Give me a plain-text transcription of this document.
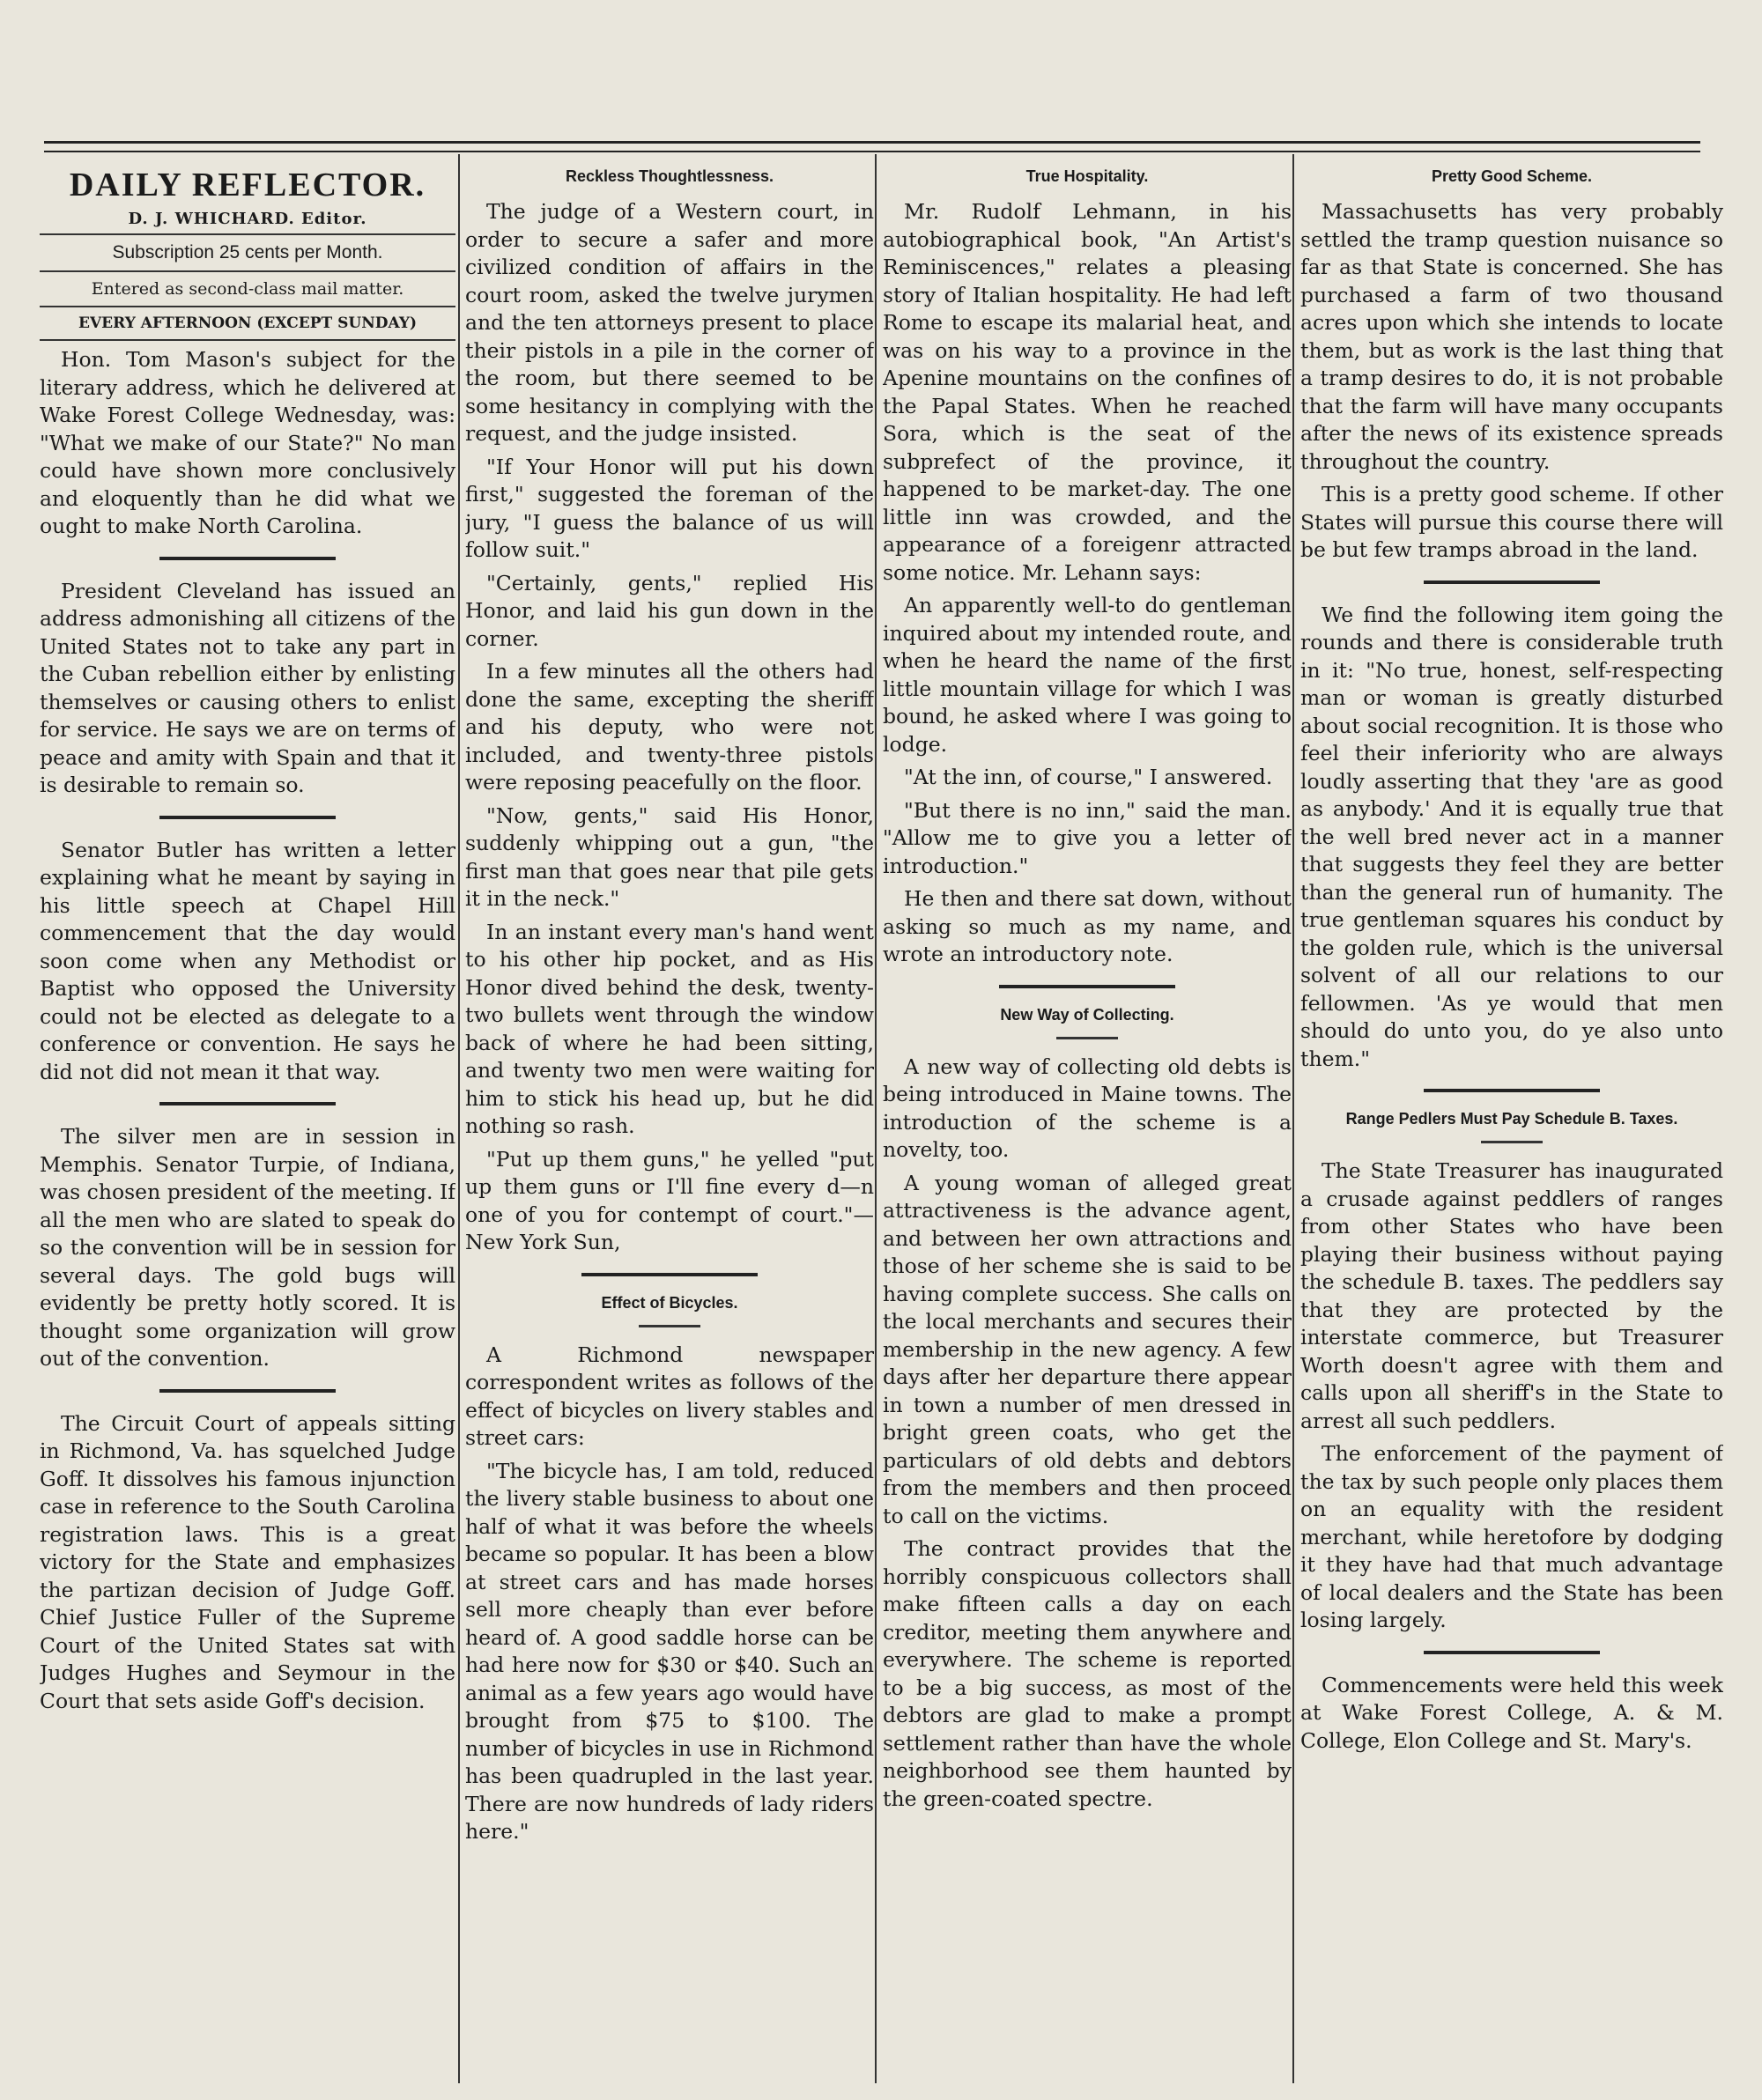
DAILY REFLECTOR.
D. J. WHICHARD. Editor.
Subscription 25 cents per Month.
Entered as second-class mail matter.
EVERY AFTERNOON (EXCEPT SUNDAY)

Hon. Tom Mason's subject for the literary address, which he delivered at Wake Forest College Wednesday, was: "What we make of our State?" No man could have shown more conclusively and eloquently than he did what we ought to make North Carolina.

President Cleveland has issued an address admonishing all citizens of the United States not to take any part in the Cuban rebellion either by enlisting themselves or causing others to enlist for service. He says we are on terms of peace and amity with Spain and that it is desirable to remain so.

Senator Butler has written a letter explaining what he meant by saying in his little speech at Chapel Hill commencement that the day would soon come when any Methodist or Baptist who opposed the University could not be elected as delegate to a conference or convention. He says he did not did not mean it that way.

The silver men are in session in Memphis. Senator Turpie, of Indiana, was chosen president of the meeting. If all the men who are slated to speak do so the convention will be in session for several days. The gold bugs will evidently be pretty hotly scored. It is thought some organization will grow out of the convention.

The Circuit Court of appeals sitting in Richmond, Va. has squelched Judge Goff. It dissolves his famous injunction case in reference to the South Carolina registration laws. This is a great victory for the State and emphasizes the partizan decision of Judge Goff. Chief Justice Fuller of the Supreme Court of the United States sat with Judges Hughes and Seymour in the Court that sets aside Goff's decision.

Reckless Thoughtlessness.

The judge of a Western court, in order to secure a safer and more civilized condition of affairs in the court room, asked the twelve jurymen and the ten attorneys present to place their pistols in a pile in the corner of the room, but there seemed to be some hesitancy in complying with the request, and the judge insisted.

"If Your Honor will put his down first," suggested the foreman of the jury, "I guess the balance of us will follow suit."

"Certainly, gents," replied His Honor, and laid his gun down in the corner.

In a few minutes all the others had done the same, excepting the sheriff and his deputy, who were not included, and twenty-three pistols were reposing peacefully on the floor.

"Now, gents," said His Honor, suddenly whipping out a gun, "the first man that goes near that pile gets it in the neck."

In an instant every man's hand went to his other hip pocket, and as His Honor dived behind the desk, twenty-two bullets went through the window back of where he had been sitting, and twenty two men were waiting for him to stick his head up, but he did nothing so rash.

"Put up them guns," he yelled "put up them guns or I'll fine every d—n one of you for contempt of court."—New York Sun,

Effect of Bicycles.

A Richmond newspaper correspondent writes as follows of the effect of bicycles on livery stables and street cars:

"The bicycle has, I am told, reduced the livery stable business to about one half of what it was before the wheels became so popular. It has been a blow at street cars and has made horses sell more cheaply than ever before heard of. A good saddle horse can be had here now for $30 or $40. Such an animal as a few years ago would have brought from $75 to $100. The number of bicycles in use in Richmond has been quadrupled in the last year. There are now hundreds of lady riders here."

True Hospitality.

Mr. Rudolf Lehmann, in his autobiographical book, "An Artist's Reminiscences," relates a pleasing story of Italian hospitality. He had left Rome to escape its malarial heat, and was on his way to a province in the Apenine mountains on the confines of the Papal States. When he reached Sora, which is the seat of the subprefect of the province, it happened to be market-day. The one little inn was crowded, and the appearance of a foreigenr attracted some notice. Mr. Lehann says:

An apparently well-to do gentleman inquired about my intended route, and when he heard the name of the first little mountain village for which I was bound, he asked where I was going to lodge.

"At the inn, of course," I answered.

"But there is no inn," said the man. "Allow me to give you a letter of introduction."

He then and there sat down, without asking so much as my name, and wrote an introductory note.

New Way of Collecting.

A new way of collecting old debts is being introduced in Maine towns. The introduction of the scheme is a novelty, too.

A young woman of alleged great attractiveness is the advance agent, and between her own attractions and those of her scheme she is said to be having complete success. She calls on the local merchants and secures their membership in the new agency. A few days after her departure there appear in town a number of men dressed in bright green coats, who get the particulars of old debts and debtors from the members and then proceed to call on the victims.

The contract provides that the horribly conspicuous collectors shall make fifteen calls a day on each creditor, meeting them anywhere and everywhere. The scheme is reported to be a big success, as most of the debtors are glad to make a prompt settlement rather than have the whole neighborhood see them haunted by the green-coated spectre.

Pretty Good Scheme.

Massachusetts has very probably settled the tramp question nuisance so far as that State is concerned. She has purchased a farm of two thousand acres upon which she intends to locate them, but as work is the last thing that a tramp desires to do, it is not probable that the farm will have many occupants after the news of its existence spreads throughout the country.

This is a pretty good scheme. If other States will pursue this course there will be but few tramps abroad in the land.

We find the following item going the rounds and there is considerable truth in it: "No true, honest, self-respecting man or woman is greatly disturbed about social recognition. It is those who feel their inferiority who are always loudly asserting that they 'are as good as anybody.' And it is equally true that the well bred never act in a manner that suggests they feel they are better than the general run of humanity. The true gentleman squares his conduct by the golden rule, which is the universal solvent of all our relations to our fellowmen. 'As ye would that men should do unto you, do ye also unto them."

Range Pedlers Must Pay Schedule B. Taxes.

The State Treasurer has inaugurated a crusade against peddlers of ranges from other States who have been playing their business without paying the schedule B. taxes. The peddlers say that they are protected by the interstate commerce, but Treasurer Worth doesn't agree with them and calls upon all sheriff's in the State to arrest all such peddlers.

The enforcement of the payment of the tax by such people only places them on an equality with the resident merchant, while heretofore by dodging it they have had that much advantage of local dealers and the State has been losing largely.

Commencements were held this week at Wake Forest College, A. & M. College, Elon College and St. Mary's.
